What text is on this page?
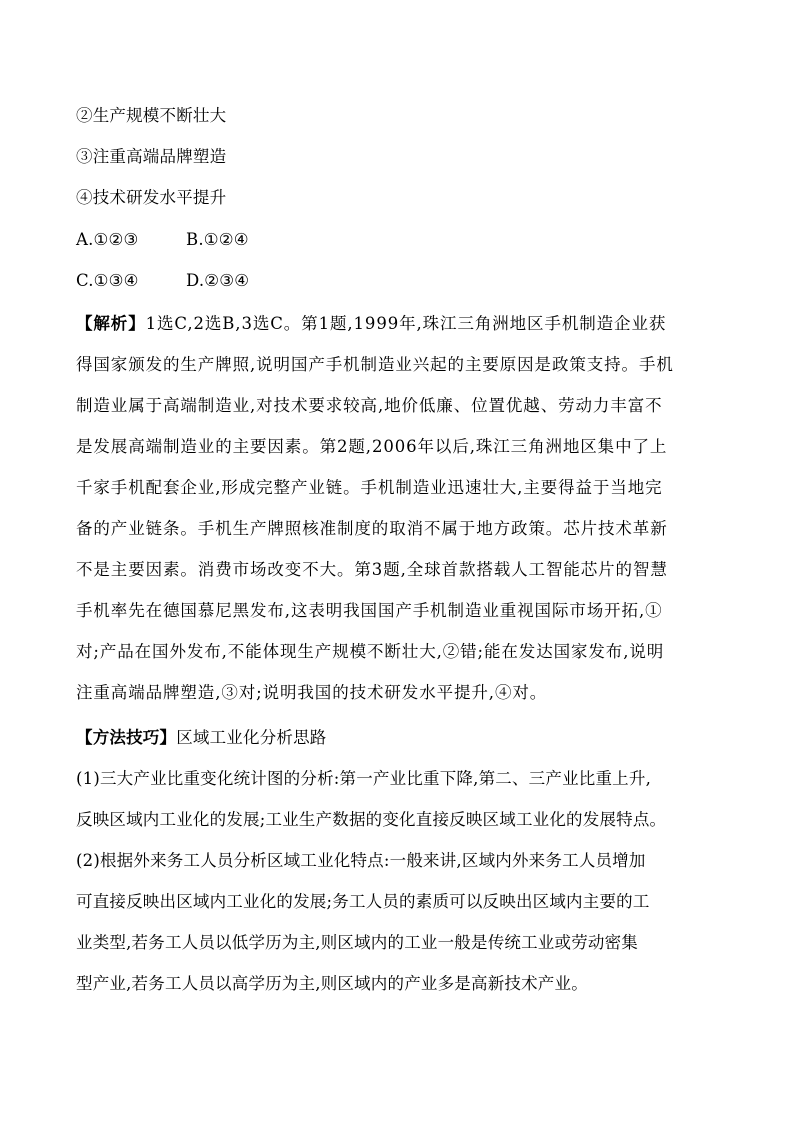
②生产规模不断壮大
③注重高端品牌塑造
④技术研发水平提升
A.①②③	B.①②④
C.①③④	D.②③④
【解析】1选C,2选B,3选C。第1题,1999年,珠江三角洲地区手机制造企业获
得国家颁发的生产牌照,说明国产手机制造业兴起的主要原因是政策支持。手机
制造业属于高端制造业,对技术要求较高,地价低廉、位置优越、劳动力丰富不
是发展高端制造业的主要因素。第2题,2006年以后,珠江三角洲地区集中了上
千家手机配套企业,形成完整产业链。手机制造业迅速壮大,主要得益于当地完
备的产业链条。手机生产牌照核准制度的取消不属于地方政策。芯片技术革新
不是主要因素。消费市场改变不大。第3题,全球首款搭载人工智能芯片的智慧
手机率先在德国慕尼黑发布,这表明我国国产手机制造业重视国际市场开拓,①
对;产品在国外发布,不能体现生产规模不断壮大,②错;能在发达国家发布,说明
注重高端品牌塑造,③对;说明我国的技术研发水平提升,④对。
【方法技巧】区域工业化分析思路
(1)三大产业比重变化统计图的分析:第一产业比重下降,第二、三产业比重上升,
反映区域内工业化的发展;工业生产数据的变化直接反映区域工业化的发展特点。
(2)根据外来务工人员分析区域工业化特点:一般来讲,区域内外来务工人员增加
可直接反映出区域内工业化的发展;务工人员的素质可以反映出区域内主要的工
业类型,若务工人员以低学历为主,则区域内的工业一般是传统工业或劳动密集
型产业,若务工人员以高学历为主,则区域内的产业多是高新技术产业。
